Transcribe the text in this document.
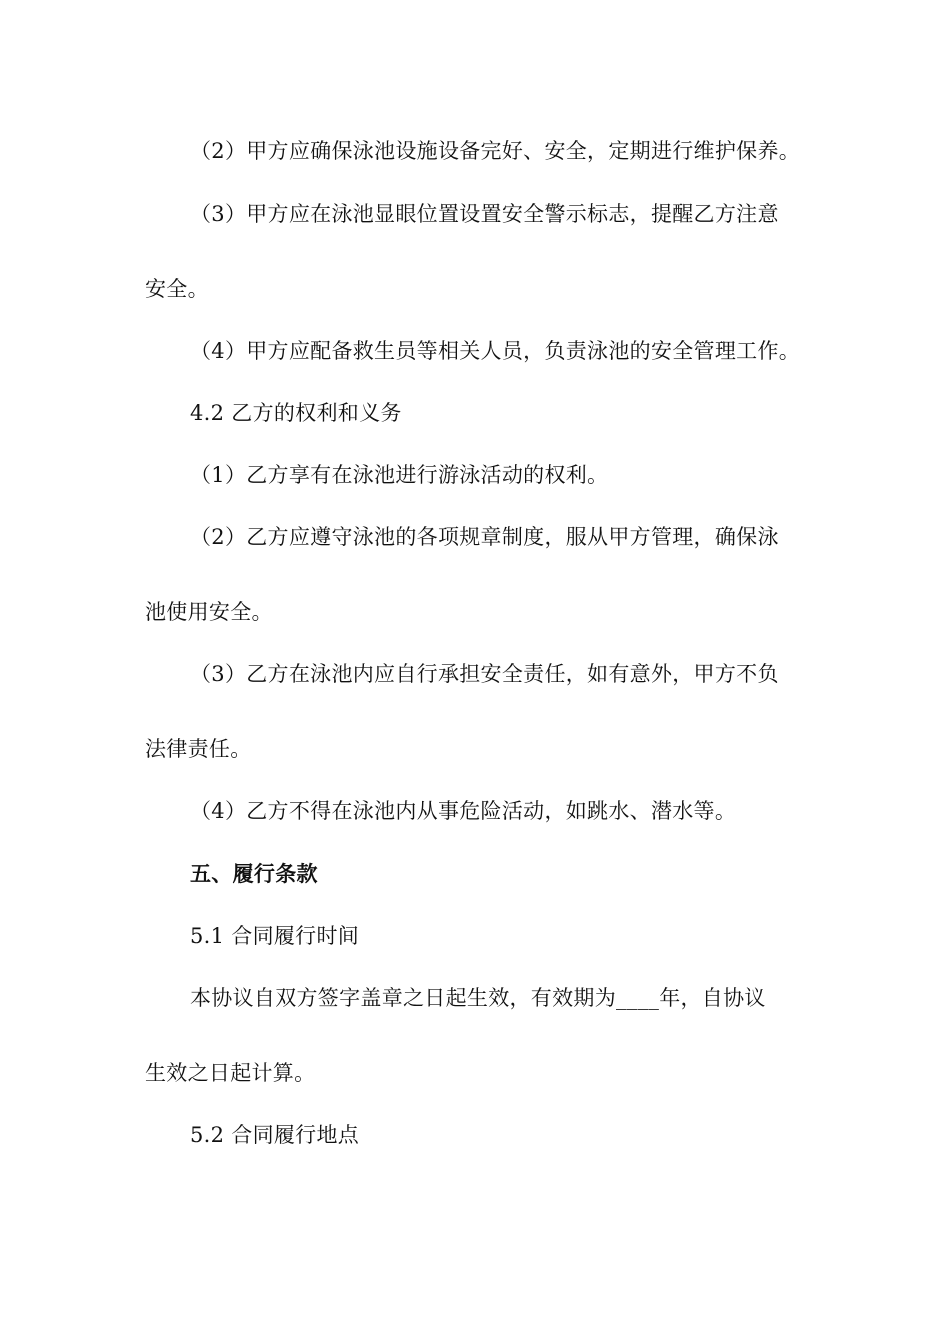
（2）甲方应确保泳池设施设备完好、安全，定期进行维护保养。
（3）甲方应在泳池显眼位置设置安全警示标志，提醒乙方注意
安全。
（4）甲方应配备救生员等相关人员，负责泳池的安全管理工作。
4.2 乙方的权利和义务
（1）乙方享有在泳池进行游泳活动的权利。
（2）乙方应遵守泳池的各项规章制度，服从甲方管理，确保泳
池使用安全。
（3）乙方在泳池内应自行承担安全责任，如有意外，甲方不负
法律责任。
（4）乙方不得在泳池内从事危险活动，如跳水、潜水等。
五、履行条款
5.1 合同履行时间
本协议自双方签字盖章之日起生效，有效期为____年，自协议
生效之日起计算。
5.2 合同履行地点
